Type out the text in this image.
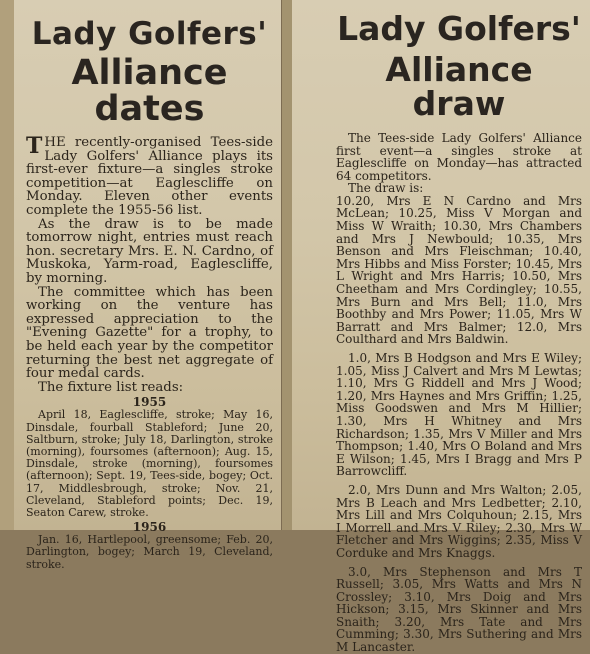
Lady Golfers'
Alliance dates

THE recently-organised Tees-side Lady Golfers' Alliance plays its first-ever fixture—a singles stroke competition—at Eaglescliffe on Monday. Eleven other events complete the 1955-56 list.

As the draw is to be made tomorrow night, entries must reach hon. secretary Mrs. E. N. Cardno, of Muskoka, Yarm-road, Eaglescliffe, by morning.

The committee which has been working on the venture has expressed appreciation to the "Evening Gazette" for a trophy, to be held each year by the competitor returning the best net aggregate of four medal cards.

The fixture list reads:

1955

April 18, Eaglescliffe, stroke; May 16, Dinsdale, fourball Stableford; June 20, Saltburn, stroke; July 18, Darlington, stroke (morning), foursomes (afternoon); Aug. 15, Dinsdale, stroke (morning), foursomes (afternoon); Sept. 19, Tees-side, bogey; Oct. 17, Middlesbrough, stroke; Nov. 21, Cleveland, Stableford points; Dec. 19, Seaton Carew, stroke.

1956

Jan. 16, Hartlepool, greensome; Feb. 20, Darlington, bogey; March 19, Cleveland, stroke.

Lady Golfers'
Alliance draw

The Tees-side Lady Golfers' Alliance first event—a singles stroke at Eaglescliffe on Monday—has attracted 64 competitors.

The draw is:

10.20, Mrs E N Cardno and Mrs McLean; 10.25, Miss V Morgan and Miss W Wraith; 10.30, Mrs Chambers and Mrs J Newbould; 10.35, Mrs Benson and Mrs Fleischman; 10.40, Mrs Hibbs and Miss Forster; 10.45, Mrs L Wright and Mrs Harris; 10.50, Mrs Cheetham and Mrs Cordingley; 10.55, Mrs Burn and Mrs Bell; 11.0, Mrs Boothby and Mrs Power; 11.05, Mrs W Barratt and Mrs Balmer; 12.0, Mrs Coulthard and Mrs Baldwin.

1.0, Mrs B Hodgson and Mrs E Wiley; 1.05, Miss J Calvert and Mrs M Lewtas; 1.10, Mrs G Riddell and Mrs J Wood; 1.20, Mrs Haynes and Mrs Griffin; 1.25, Miss Goodswen and Mrs M Hillier; 1.30, Mrs H Whitney and Mrs Richardson; 1.35, Mrs V Miller and Mrs Thompson; 1.40, Mrs O Boland and Mrs E Wilson; 1.45, Mrs I Bragg and Mrs P Barrowcliff.

2.0, Mrs Dunn and Mrs Walton; 2.05, Mrs B Leach and Mrs Ledbetter; 2.10, Mrs Lill and Mrs Colquhoun; 2.15, Mrs I Morrell and Mrs V Riley; 2.30, Mrs W Fletcher and Mrs Wiggins; 2.35, Miss V Corduke and Mrs Knaggs.

3.0, Mrs Stephenson and Mrs T Russell; 3.05, Mrs Watts and Mrs N Crossley; 3.10, Mrs Doig and Mrs Hickson; 3.15, Mrs Skinner and Mrs Snaith; 3.20, Mrs Tate and Mrs Cumming; 3.30, Mrs Suthering and Mrs M Lancaster.
